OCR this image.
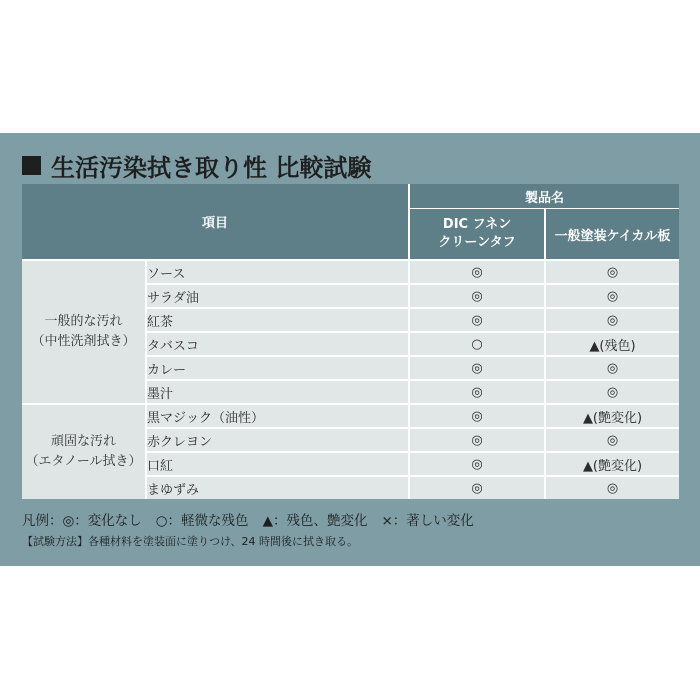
生活汚染拭き取り性 比較試験
項目		製品名	

		DIC フネン
クリーンタフ	一般塗装ケイカル板

一般的な汚れ
（中性洗剤拭き）	ソース	◎	◎
	サラダ油	◎	◎
	紅茶	◎	◎
	タバスコ	○	▲(残色)
	カレー	◎	◎
	墨汁	◎	◎

頑固な汚れ
（エタノール拭き）	黒マジック（油性）	◎	▲(艶変化)
	赤クレヨン	◎	◎
	口紅	◎	▲(艶変化)
	まゆずみ	◎	◎
凡例：◎：変化なし ○：軽微な残色 ▲：残色、艶変化 ×：著しい変化
【試験方法】各種材料を塗装面に塗りつけ、24 時間後に拭き取る。
